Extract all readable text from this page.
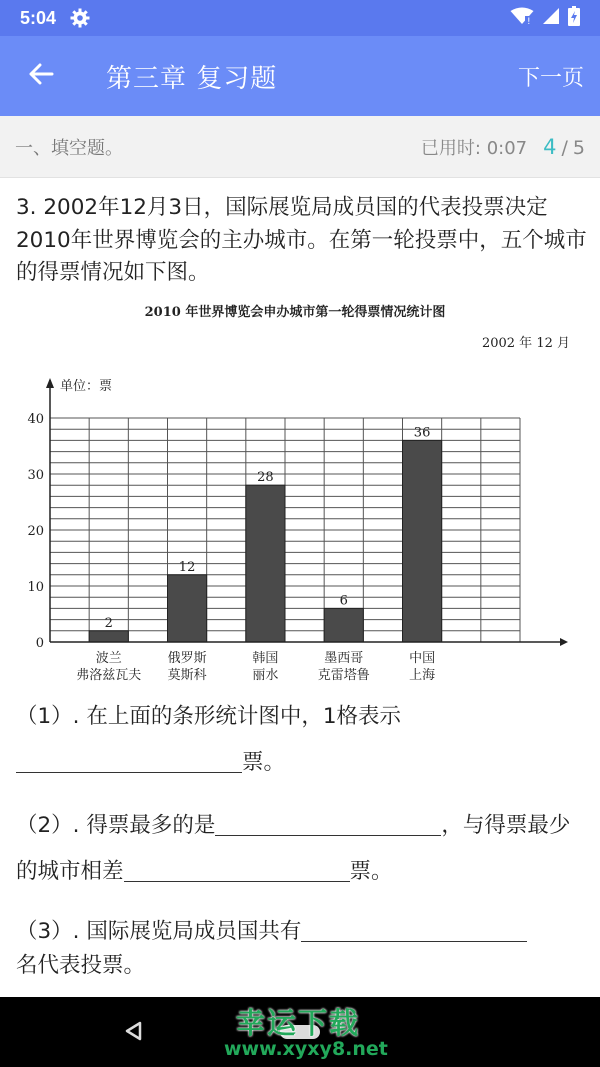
5:04	!
第三章 复习题	下一页
一、填空题。	已用时: 0:07 4 / 5
3. 2002年12月3日，国际展览局成员国的代表投票决定2010年世界博览会的主办城市。在第一轮投票中，五个城市的得票情况如下图。
2010 年世界博览会申办城市第一轮得票情况统计图
2002 年 12 月
单位：票
2
波兰
弗洛兹瓦夫
12
俄罗斯
莫斯科
28
韩国
丽水
6
墨西哥
克雷塔鲁
36
中国
上海
0
10
20
30
40
（1）. 在上面的条形统计图中，1格表示
票。
（2）. 得票最多的是	，与得票最少的城市相差	票。
（3）. 国际展览局成员国共有
名代表投票。
幸运下载
www.xyxy8.net
